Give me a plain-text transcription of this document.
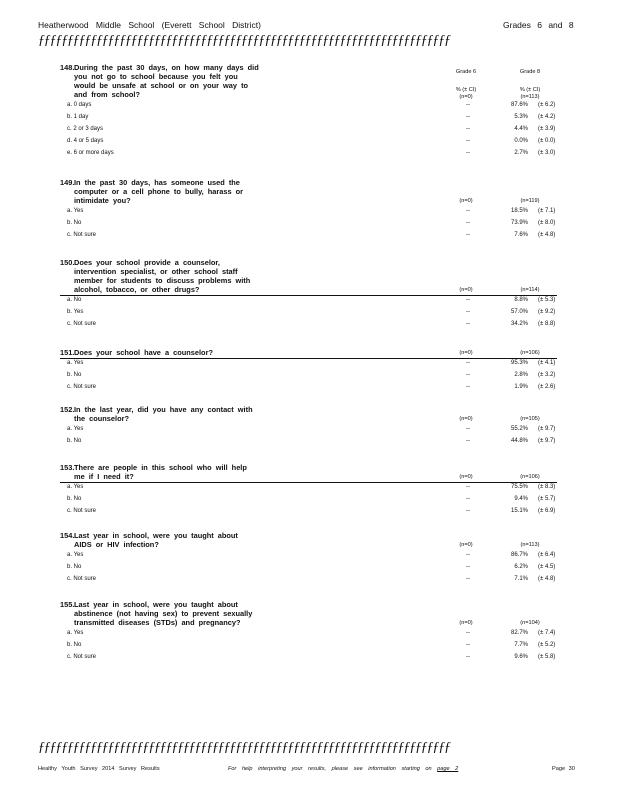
Heatherwood Middle School (Everett School District)	Grades 6 and 8
ƒƒƒƒƒƒƒƒƒƒƒƒƒƒƒƒƒƒƒƒƒƒƒƒƒƒƒƒƒƒƒƒƒƒƒƒƒƒƒƒƒƒƒƒƒƒƒƒƒƒƒƒƒƒƒƒƒƒƒƒƒƒƒƒƒƒƒƒƒƒƒ
148.During the past 30 days, on how many days did

you not go to school because you felt you
would be unsafe at school or on your way to
and from school?
Grade 6	Grade 8
% (± CI)	% (± CI)
(n=0)	(n=113)
a. 0 days	--	87.6% (± 6.2)
b. 1 day	--	5.3% (± 4.2)
c. 2 or 3 days	--	4.4% (± 3.9)
d. 4 or 5 days	--	0.0% (± 0.0)
e. 6 or more days	--	2.7% (± 3.0)
149.In the past 30 days, has someone used the

computer or a cell phone to bully, harass or
intimidate you?	(n=0)	(n=119)
a. Yes	--	18.5% (± 7.1)
b. No	--	73.9% (± 8.0)
c. Not sure	--	7.6% (± 4.8)
150.Does your school provide a counselor,

intervention specialist, or other school staff
member for students to discuss problems with
alcohol, tobacco, or other drugs?	(n=0)	(n=114)
a. No	--	8.8% (± 5.3)
b. Yes	--	57.0% (± 9.2)
c. Not sure	--	34.2% (± 8.8)
151.Does your school have a counselor?	(n=0)	(n=106)
a. Yes	--	95.3% (± 4.1)
b. No	--	2.8% (± 3.2)
c. Not sure	--	1.9% (± 2.6)
152.In the last year, did you have any contact with

the counselor?	(n=0)	(n=105)
a. Yes	--	55.2% (± 9.7)
b. No	--	44.8% (± 9.7)
153.There are people in this school who will help

me if I need it?	(n=0)	(n=106)
a. Yes	--	75.5% (± 8.3)
b. No	--	9.4% (± 5.7)
c. Not sure	--	15.1% (± 6.9)
154.Last year in school, were you taught about

AIDS or HIV infection?	(n=0)	(n=113)
a. Yes	--	86.7% (± 6.4)
b. No	--	6.2% (± 4.5)
c. Not sure	--	7.1% (± 4.8)
155.Last year in school, were you taught about

abstinence (not having sex) to prevent sexually
transmitted diseases (STDs) and pregnancy?	(n=0)	(n=104)
a. Yes	--	82.7% (± 7.4)
b. No	--	7.7% (± 5.2)
c. Not sure	--	9.6% (± 5.8)
ƒƒƒƒƒƒƒƒƒƒƒƒƒƒƒƒƒƒƒƒƒƒƒƒƒƒƒƒƒƒƒƒƒƒƒƒƒƒƒƒƒƒƒƒƒƒƒƒƒƒƒƒƒƒƒƒƒƒƒƒƒƒƒƒƒƒƒƒƒƒƒ
Healthy Youth Survey 2014 Survey Results	For help interpreting your results, please see information starting on page 2	Page 30
